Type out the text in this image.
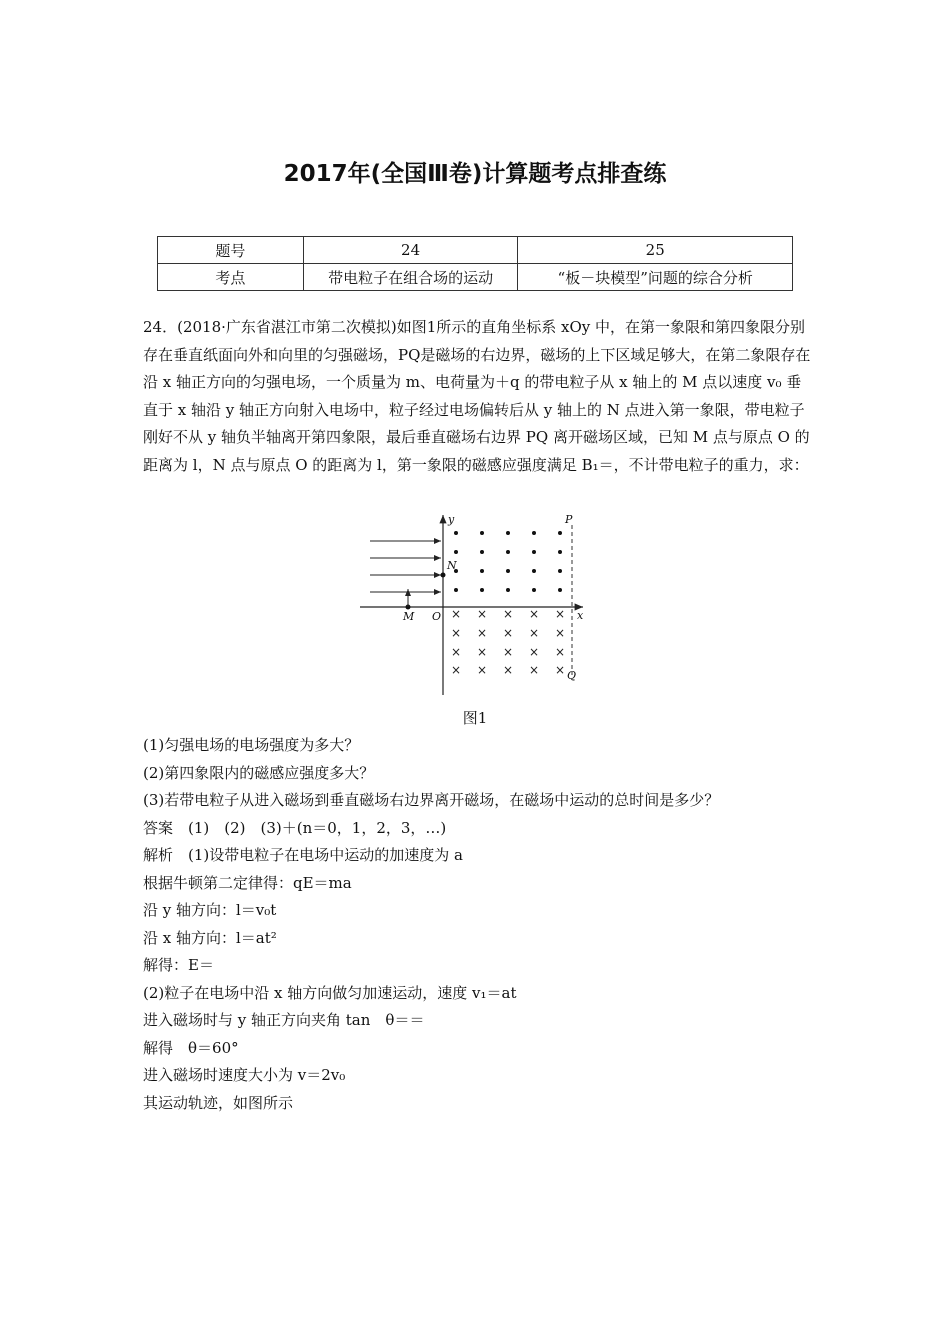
2017年(全国Ⅲ卷)计算题考点排查练
题号	24	25
考点	带电粒子在组合场的运动	“板－块模型”问题的综合分析
24．(2018·广东省湛江市第二次模拟)如图1所示的直角坐标系 xOy 中，在第一象限和第四象限分别存在垂直纸面向外和向里的匀强磁场，PQ是磁场的右边界，磁场的上下区域足够大，在第二象限存在沿 x 轴正方向的匀强电场，一个质量为 m、电荷量为＋q 的带电粒子从 x 轴上的 M 点以速度 v₀ 垂直于 x 轴沿 y 轴正方向射入电场中，粒子经过电场偏转后从 y 轴上的 N 点进入第一象限，带电粒子刚好不从 y 轴负半轴离开第四象限，最后垂直磁场右边界 PQ 离开磁场区域，已知 M 点与原点 O 的距离为 l，N 点与原点 O 的距离为 l，第一象限的磁感应强度满足 B₁＝，不计带电粒子的重力，求：
× × × × ×
× × × × ×
× × × × ×
× × × × ×
y	P
x
Q
N
M O
图1
(1)匀强电场的电场强度为多大？
(2)第四象限内的磁感应强度多大？
(3)若带电粒子从进入磁场到垂直磁场右边界离开磁场，在磁场中运动的总时间是多少？
答案　(1)　(2)　(3)＋(n＝0，1，2，3，…)
解析　(1)设带电粒子在电场中运动的加速度为 a
根据牛顿第二定律得：qE＝ma
沿 y 轴方向：l＝v₀t
沿 x 轴方向：l＝at²
解得：E＝
(2)粒子在电场中沿 x 轴方向做匀加速运动，速度 v₁＝at
进入磁场时与 y 轴正方向夹角 tan　θ＝＝
解得　θ＝60°
进入磁场时速度大小为 v＝2v₀
其运动轨迹，如图所示
